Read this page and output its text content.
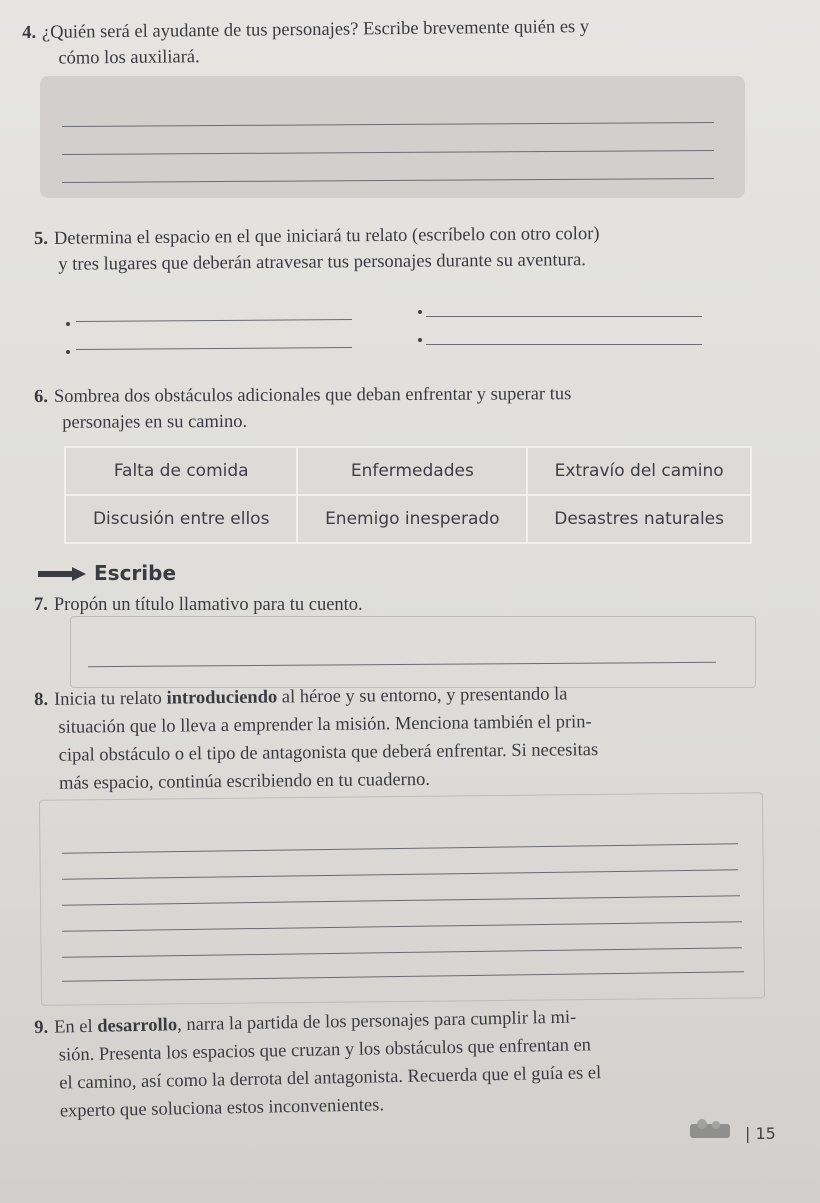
4. ¿Quién será el ayudante de tus personajes? Escribe brevemente quién es y
cómo los auxiliará.
5. Determina el espacio en el que iniciará tu relato (escríbelo con otro color)
y tres lugares que deberán atravesar tus personajes durante su aventura.
6. Sombrea dos obstáculos adicionales que deban enfrentar y superar tus
personajes en su camino.
Falta de comida	Enfermedades	Extravío del camino
Discusión entre ellos	Enemigo inesperado	Desastres naturales
Escribe
7. Propón un título llamativo para tu cuento.
8. Inicia tu relato introduciendo al héroe y su entorno, y presentando la
situación que lo lleva a emprender la misión. Menciona también el prin-
cipal obstáculo o el tipo de antagonista que deberá enfrentar. Si necesitas
más espacio, continúa escribiendo en tu cuaderno.
9. En el desarrollo, narra la partida de los personajes para cumplir la mi-
sión. Presenta los espacios que cruzan y los obstáculos que enfrentan en
el camino, así como la derrota del antagonista. Recuerda que el guía es el
experto que soluciona estos inconvenientes.
| 15
